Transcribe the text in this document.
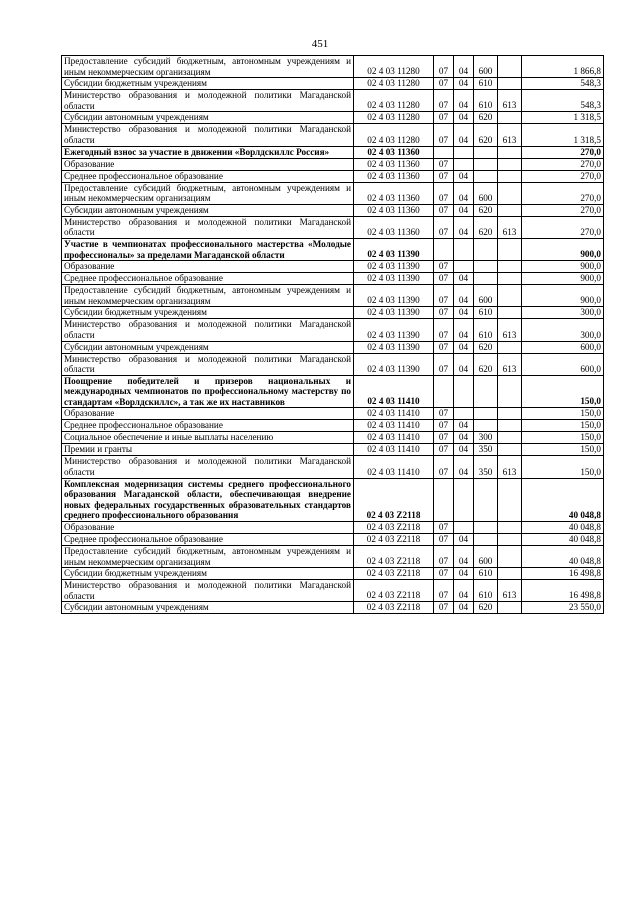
451
Предоставление субсидий бюджетным, автономным учреждениям и иным некоммерческим организациям	02 4 03 11280	07	04	600		1 866,8
Субсидии бюджетным учреждениям	02 4 03 11280	07	04	610		548,3
Министерство образования и молодежной политики Магаданской области	02 4 03 11280	07	04	610	613	548,3
Субсидии автономным учреждениям	02 4 03 11280	07	04	620		1 318,5
Министерство образования и молодежной политики Магаданской области	02 4 03 11280	07	04	620	613	1 318,5
Ежегодный взнос за участие в движении «Ворлдскиллс Россия»	02 4 03 11360					270,0
Образование	02 4 03 11360	07				270,0
Среднее профессиональное образование	02 4 03 11360	07	04			270,0
Предоставление субсидий бюджетным, автономным учреждениям и иным некоммерческим организациям	02 4 03 11360	07	04	600		270,0
Субсидии автономным учреждениям	02 4 03 11360	07	04	620		270,0
Министерство образования и молодежной политики Магаданской области	02 4 03 11360	07	04	620	613	270,0
Участие в чемпионатах профессионального мастерства «Молодые профессионалы» за пределами Магаданской области	02 4 03 11390					900,0
Образование	02 4 03 11390	07				900,0
Среднее профессиональное образование	02 4 03 11390	07	04			900,0
Предоставление субсидий бюджетным, автономным учреждениям и иным некоммерческим организациям	02 4 03 11390	07	04	600		900,0
Субсидии бюджетным учреждениям	02 4 03 11390	07	04	610		300,0
Министерство образования и молодежной политики Магаданской области	02 4 03 11390	07	04	610	613	300,0
Субсидии автономным учреждениям	02 4 03 11390	07	04	620		600,0
Министерство образования и молодежной политики Магаданской области	02 4 03 11390	07	04	620	613	600,0
Поощрение победителей и призеров национальных и международных чемпионатов по профессиональному мастерству по стандартам «Ворлдскиллс», а так же их наставников	02 4 03 11410					150,0
Образование	02 4 03 11410	07				150,0
Среднее профессиональное образование	02 4 03 11410	07	04			150,0
Социальное обеспечение и иные выплаты населению	02 4 03 11410	07	04	300		150,0
Премии и гранты	02 4 03 11410	07	04	350		150,0
Министерство образования и молодежной политики Магаданской области	02 4 03 11410	07	04	350	613	150,0
Комплексная модернизация системы среднего профессионального образования Магаданской области, обеспечивающая внедрение новых федеральных государственных образовательных стандартов среднего профессионального образования	02 4 03 Z2118					40 048,8
Образование	02 4 03 Z2118	07				40 048,8
Среднее профессиональное образование	02 4 03 Z2118	07	04			40 048,8
Предоставление субсидий бюджетным, автономным учреждениям и иным некоммерческим организациям	02 4 03 Z2118	07	04	600		40 048,8
Субсидии бюджетным учреждениям	02 4 03 Z2118	07	04	610		16 498,8
Министерство образования и молодежной политики Магаданской области	02 4 03 Z2118	07	04	610	613	16 498,8
Субсидии автономным учреждениям	02 4 03 Z2118	07	04	620		23 550,0
